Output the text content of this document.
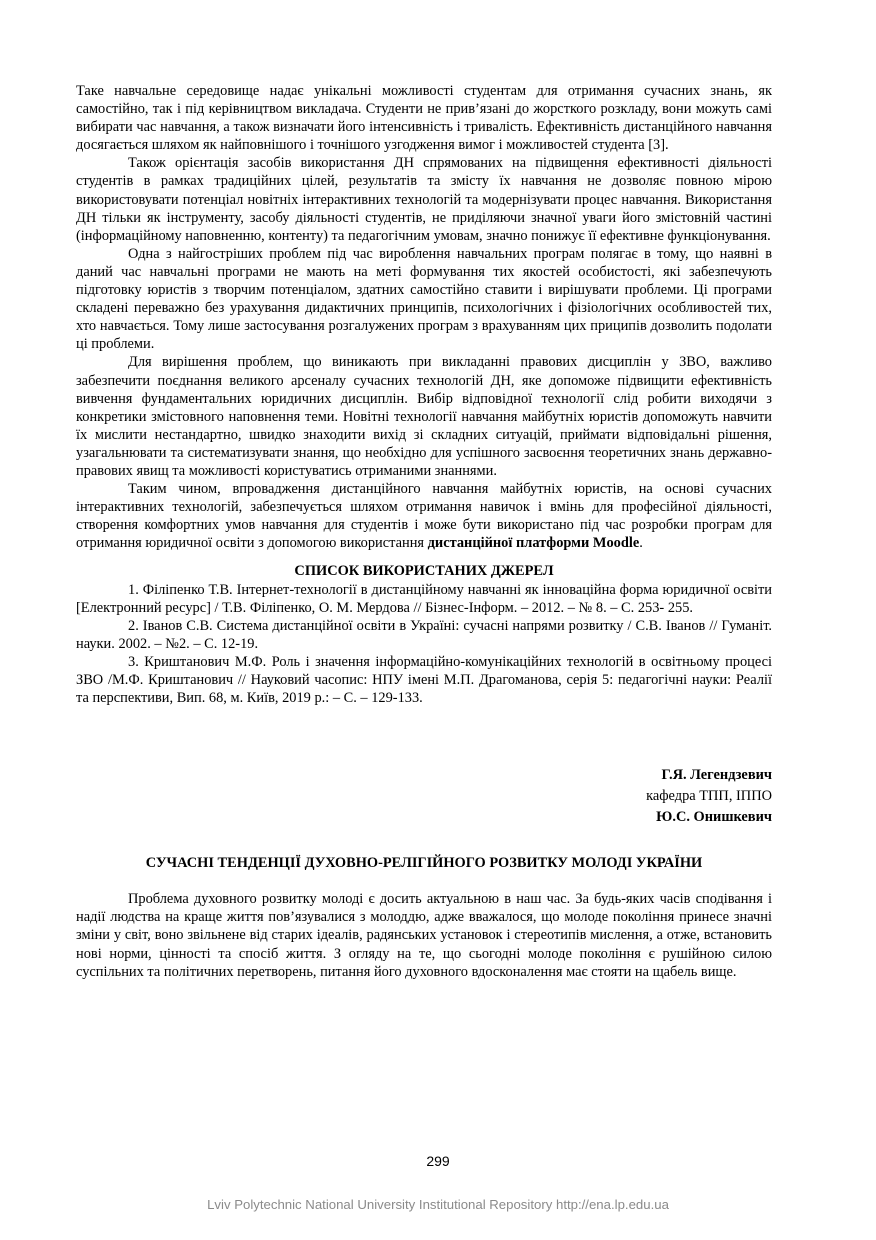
Таке навчальне середовище надає унікальні можливості студентам для отримання сучасних знань, як самостійно, так і під керівництвом викладача. Студенти не прив’язані до жорсткого розкладу, вони можуть самі вибирати час навчання, а також визначати його інтенсивність і тривалість. Ефективність дистанційного навчання досягається шляхом як найповнішого і точнішого узгодження вимог і можливостей студента [3].

Також орієнтація засобів використання ДН спрямованих на підвищення ефективності діяльності студентів в рамках традиційних цілей, результатів та змісту їх навчання не дозволяє повною мірою використовувати потенціал новітніх інтерактивних технологій та модернізувати процес навчання. Використання ДН тільки як інструменту, засобу діяльності студентів, не приділяючи значної уваги його змістовній частині (інформаційному наповненню, контенту) та педагогічним умовам, значно понижує її ефективне функціонування.

Одна з найгостріших проблем під час вироблення навчальних програм полягає в тому, що наявні в даний час навчальні програми не мають на меті формування тих якостей особистості, які забезпечують підготовку юристів з творчим потенціалом, здатних самостійно ставити і вирішувати проблеми. Ці програми складені переважно без урахування дидактичних принципів, психологічних і фізіологічних особливостей тих, хто навчається. Тому лише застосування розгалужених програм з врахуванням цих приципів дозволить подолати ці проблеми.

Для вирішення проблем, що виникають при викладанні правових дисциплін у ЗВО, важливо забезпечити поєднання великого арсеналу сучасних технологій ДН, яке допоможе підвищити ефективність вивчення фундаментальних юридичних дисциплін. Вибір відповідної технології слід робити виходячи з конкретики змістовного наповнення теми. Новітні технології навчання майбутніх юристів допоможуть навчити їх мислити нестандартно, швидко знаходити вихід зі складних ситуацій, приймати відповідальні рішення, узагальнювати та систематизувати знання, що необхідно для успішного засвоєння теоретичних знань державно-правових явищ та можливості користуватись отриманими знаннями.

Таким чином, впровадження дистанційного навчання майбутніх юристів, на основі сучасних інтерактивних технологій, забезпечується шляхом отримання навичок і вмінь для професійної діяльності, створення комфортних умов навчання для студентів і може бути використано під час розробки програм для отримання юридичної освіти з допомогою використання дистанційної платформи Moodle.

СПИСОК ВИКОРИСТАНИХ ДЖЕРЕЛ

1. Філіпенко Т.В. Інтернет-технології в дистанційному навчанні як інноваційна форма юридичної освіти [Електронний ресурс] / Т.В. Філіпенко, О. М. Мердова // Бізнес-Інформ. – 2012. – № 8. – С. 253- 255.

2. Іванов С.В. Система дистанційної освіти в Україні: сучасні напрями розвитку / С.В. Іванов // Гуманіт. науки. 2002. – №2. – С. 12-19.

3. Криштанович М.Ф. Роль і значення інформаційно-комунікаційних технологій в освітньому процесі ЗВО /М.Ф. Криштанович // Науковий часопис: НПУ імені М.П. Драгоманова, серія 5: педагогічні науки: Реалії та перспективи, Вип. 68, м. Київ, 2019 р.: – С. – 129-133.

Г.Я. Легендзевич
кафедра ТПП, ІППО
Ю.С. Онишкевич

СУЧАСНІ ТЕНДЕНЦІЇ ДУХОВНО-РЕЛІГІЙНОГО РОЗВИТКУ МОЛОДІ УКРАЇНИ

Проблема духовного розвитку молоді є досить актуальною в наш час. За будь-яких часів сподівання і надії людства на краще життя пов’язувалися з молоддю, адже вважалося, що молоде покоління принесе значні зміни у світ, воно звільнене від старих ідеалів, радянських установок і стереотипів мислення, а отже, встановить нові норми, цінності та спосіб життя. З огляду на те, що сьогодні молоде покоління є рушійною силою суспільних та політичних перетворень, питання його духовного вдосконалення має стояти на щабель вище.

299
Lviv Polytechnic National University Institutional Repository http://ena.lp.edu.ua
